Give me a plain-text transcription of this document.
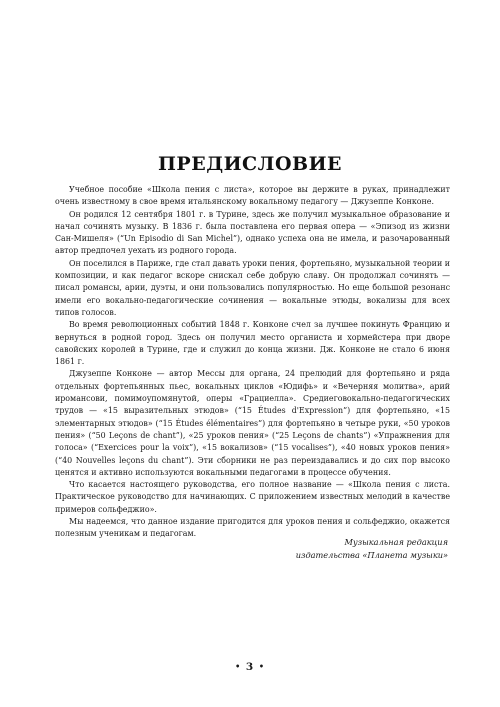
ПРЕДИСЛОВИЕ

Учебное пособие «Школа пения с листа», которое вы держите в руках, принадлежит очень известному в свое время итальянскому вокальному педагогу — Джузеппе Конконе.

Он родился 12 сентября 1801 г. в Турине, здесь же получил музыкальное образование и начал сочинять музыку. В 1836 г. была поставлена его первая опера — «Эпизод из жизни Сан-Мишеля» (“Un Episodio di San Michel”), однако успеха она не имела, и разочарованный автор предпочел уехать из родного города.

Он поселился в Париже, где стал давать уроки пения, фортепьяно, музыкальной теории и композиции, и как педагог вскоре снискал себе добрую славу. Он продолжал сочинять — писал романсы, арии, дуэты, и они пользовались популярностью. Но еще большой резонанс имели его вокально-педагогические сочинения — вокальные этюды, вокализы для всех типов голосов.

Во время революционных событий 1848 г. Конконе счел за лучшее покинуть Францию и вернуться в родной город. Здесь он получил место органиста и хормейстера при дворе савойских королей в Турине, где и служил до конца жизни. Дж. Конконе не стало 6 июня 1861 г.

Джузеппе Конконе — автор Мессы для органа, 24 прелюдий для фортепьяно и ряда отдельных фортепьянных пьес, вокальных циклов «Юдифь» и «Вечерняя молитва», арий иромансови, помимоупомянутой, оперы «Грациелла». Средиеговокально-педагогических трудов — «15 выразительных этюдов» (“15 Études d'Expression”) для фортепьяно, «15 элементарных этюдов» (“15 Études élémentaires”) для фортепьяно в четыре руки, «50 уроков пения» (“50 Leçons de chant”), «25 уроков пения» (“25 Leçons de chants”) «Упражнения для голоса» (“Exercices pour la voix”), «15 вокализов» (“15 vocalises”), «40 новых уроков пения» (“40 Nouvelles leçons du chant”). Эти сборники не раз переиздавались и до сих пор высоко ценятся и активно используются вокальными педагогами в процессе обучения.

Что касается настоящего руководства, его полное название — «Школа пения с листа. Практическое руководство для начинающих. С приложением известных мелодий в качестве примеров сольфеджио».

Мы надеемся, что данное издание пригодится для уроков пения и сольфеджио, окажется полезным ученикам и педагогам.

Музыкальная редакция
издательства «Планета музыки»
• 3 •
